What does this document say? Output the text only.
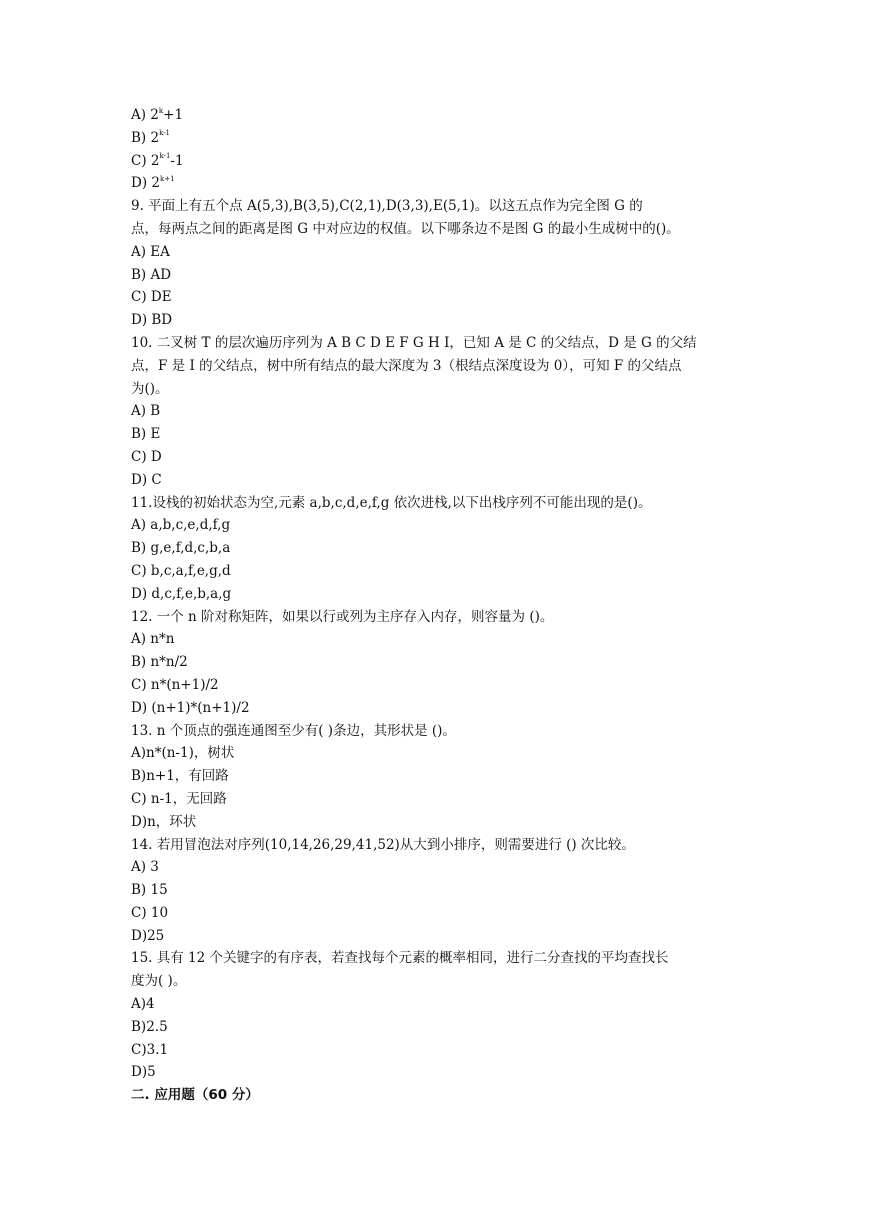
A) $2^k+1$
B) 2$^{k-1}$
C) 2$^{k-1}$-1
D) $2^{k+1}$
9. 平面上有五个点 A(5,3),B(3,5),C(2,1),D(3,3),E(5,1)。以这五点作为完全图 G 的
点，每两点之间的距离是图 G 中对应边的权值。以下哪条边不是图 G 的最小生成树中的()。
A) EA
B) AD
C) DE
D) BD
10. 二叉树 T 的层次遍历序列为 A B C D E F G H I，已知 A 是 C 的父结点，D 是 G 的父结
点，F 是 I 的父结点，树中所有结点的最大深度为 3（根结点深度设为 0），可知 F 的父结点
为()。
A) B
B) E
C) D
D) C
11.设栈的初始状态为空,元素 a,b,c,d,e,f,g 依次进栈,以下出栈序列不可能出现的是()。
A) a,b,c,e,d,f,g
B) g,e,f,d,c,b,a
C) b,c,a,f,e,g,d
D) d,c,f,e,b,a,g
12. 一个 n 阶对称矩阵，如果以行或列为主序存入内存，则容量为 ()。
A) n*n
B) n*n/2
C) n*(n+1)/2
D) (n+1)*(n+1)/2
13. n 个顶点的强连通图至少有( )条边，其形状是 ()。
A)n*(n-1)，树状
B)n+1，有回路
C) n-1，无回路
D)n，环状
14. 若用冒泡法对序列(10,14,26,29,41,52)从大到小排序，则需要进行 () 次比较。
A) 3
B) 15
C) 10
D)25
15. 具有 12 个关键字的有序表，若查找每个元素的概率相同，进行二分查找的平均查找长
度为( )。
A)4
B)2.5
C)3.1
D)5
二. 应用题（60 分）
